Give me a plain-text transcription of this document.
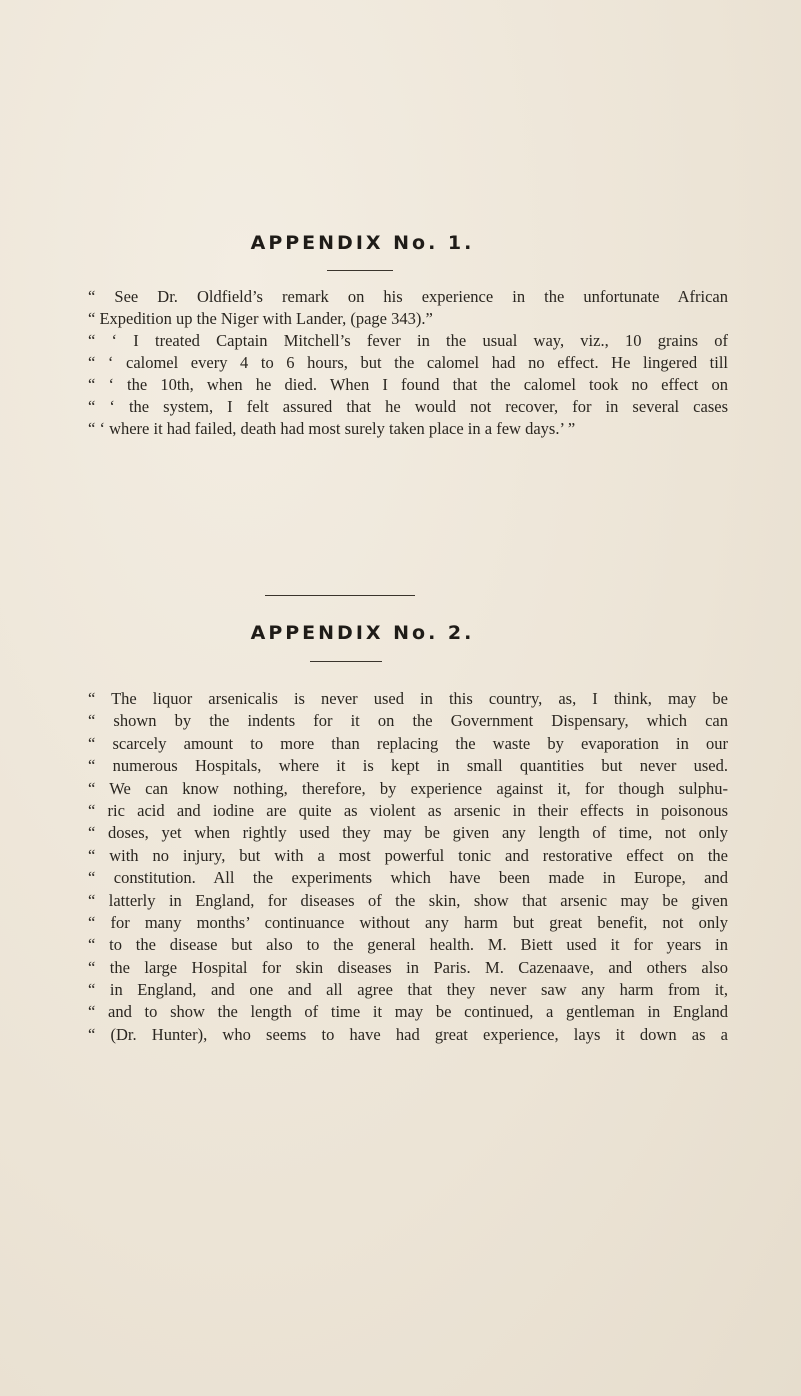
APPENDIX No. 1.
“ See Dr. Oldfield’s remark on his experience in the unfortunate African
“ Expedition up the Niger with Lander, (page 343).”
“ ‘ I treated Captain Mitchell’s fever in the usual way, viz., 10 grains of
“ ‘ calomel every 4 to 6 hours, but the calomel had no effect. He lingered till
“ ‘ the 10th, when he died. When I found that the calomel took no effect on
“ ‘ the system, I felt assured that he would not recover, for in several cases
“ ‘ where it had failed, death had most surely taken place in a few days.’ ”
APPENDIX No. 2.
“ The liquor arsenicalis is never used in this country, as, I think, may be
“ shown by the indents for it on the Government Dispensary, which can
“ scarcely amount to more than replacing the waste by evaporation in our
“ numerous Hospitals, where it is kept in small quantities but never used.
“ We can know nothing, therefore, by experience against it, for though sulphu-
“ ric acid and iodine are quite as violent as arsenic in their effects in poisonous
“ doses, yet when rightly used they may be given any length of time, not only
“ with no injury, but with a most powerful tonic and restorative effect on the
“ constitution. All the experiments which have been made in Europe, and
“ latterly in England, for diseases of the skin, show that arsenic may be given
“ for many months’ continuance without any harm but great benefit, not only
“ to the disease but also to the general health. M. Biett used it for years in
“ the large Hospital for skin diseases in Paris. M. Cazenaave, and others also
“ in England, and one and all agree that they never saw any harm from it,
“ and to show the length of time it may be continued, a gentleman in England
“ (Dr. Hunter), who seems to have had great experience, lays it down as a
